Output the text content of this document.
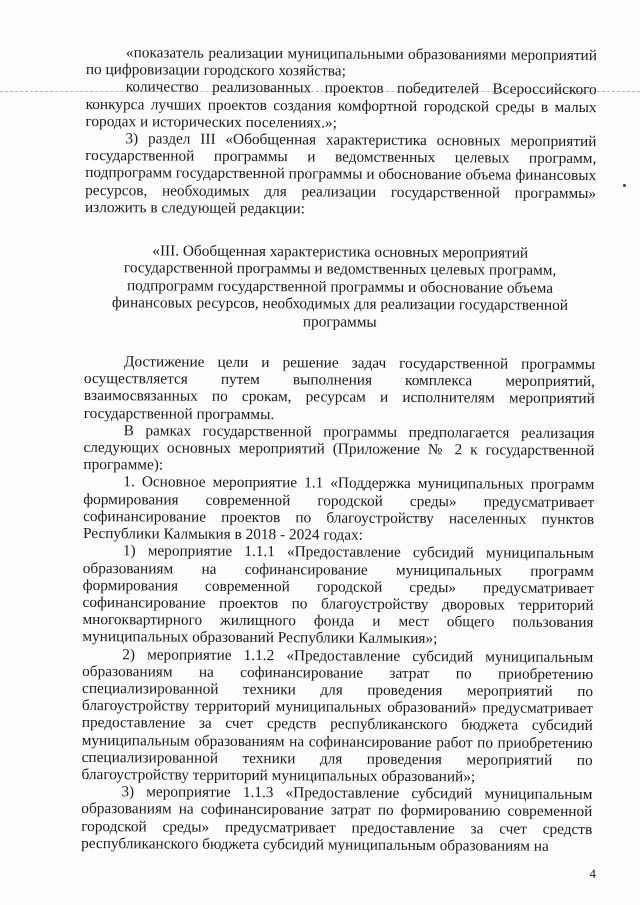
«показатель реализации муниципальными образованиями мероприятий по цифровизации городского хозяйства;

количество реализованных проектов победителей Всероссийского конкурса лучших проектов создания комфортной городской среды в малых городах и исторических поселениях.»;

3) раздел III «Обобщенная характеристика основных мероприятий государственной программы и ведомственных целевых программ, подпрограмм государственной программы и обоснование объема финансовых ресурсов, необходимых для реализации государственной программы» изложить в следующей редакции:

«III. Обобщенная характеристика основных мероприятий государственной программы и ведомственных целевых программ, подпрограмм государственной программы и обоснование объема финансовых ресурсов, необходимых для реализации государственной программы

Достижение цели и решение задач государственной программы осуществляется путем выполнения комплекса мероприятий, взаимосвязанных по срокам, ресурсам и исполнителям мероприятий государственной программы.

В рамках государственной программы предполагается реализация следующих основных мероприятий (Приложение № 2 к государственной программе):

1. Основное мероприятие 1.1 «Поддержка муниципальных программ формирования современной городской среды» предусматривает софинансирование проектов по благоустройству населенных пунктов Республики Калмыкия в 2018 - 2024 годах:

1) мероприятие 1.1.1 «Предоставление субсидий муниципальным образованиям на софинансирование муниципальных программ формирования современной городской среды» предусматривает софинансирование проектов по благоустройству дворовых территорий многоквартирного жилищного фонда и мест общего пользования муниципальных образований Республики Калмыкия»;

2) мероприятие 1.1.2 «Предоставление субсидий муниципальным образованиям на софинансирование затрат по приобретению специализированной техники для проведения мероприятий по благоустройству территорий муниципальных образований» предусматривает предоставление за счет средств республиканского бюджета субсидий муниципальным образованиям на софинансирование работ по приобретению специализированной техники для проведения мероприятий по благоустройству территорий муниципальных образований»;

3) мероприятие 1.1.3 «Предоставление субсидий муниципальным образованиям на софинансирование затрат по формированию современной городской среды» предусматривает предоставление за счет средств республиканского бюджета субсидий муниципальным образованиям на

4
